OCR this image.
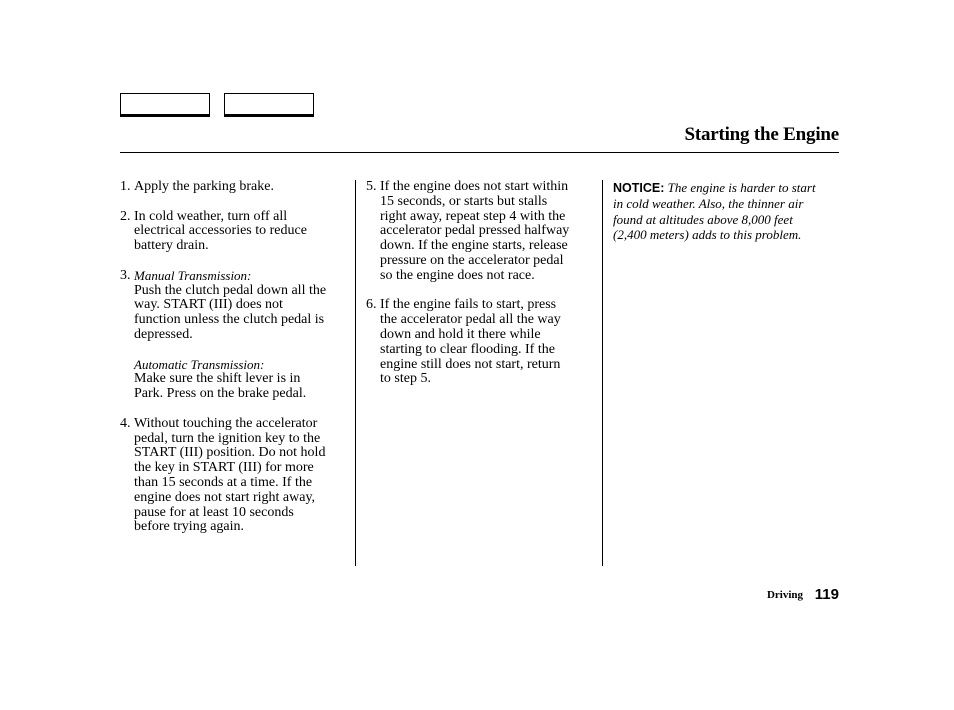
Starting the Engine
1. Apply the parking brake.

2. In cold weather, turn off all

electrical accessories to reduce

battery drain.

3. Manual Transmission:

Push the clutch pedal down all the

way. START (III) does not

function unless the clutch pedal is

depressed.

Automatic Transmission:

Make sure the shift lever is in

Park. Press on the brake pedal.

4. Without touching the accelerator

pedal, turn the ignition key to the

START (III) position. Do not hold

the key in START (III) for more

than 15 seconds at a time. If the

engine does not start right away,

pause for at least 10 seconds

before trying again.

5. If the engine does not start within

15 seconds, or starts but stalls

right away, repeat step 4 with the

accelerator pedal pressed halfway

down. If the engine starts, release

pressure on the accelerator pedal

so the engine does not race.

6. If the engine fails to start, press

the accelerator pedal all the way

down and hold it there while

starting to clear flooding. If the

engine still does not start, return

to step 5.

NOTICE: The engine is harder to start

in cold weather. Also, the thinner air

found at altitudes above 8,000 feet

(2,400 meters) adds to this problem.

Driving 119
